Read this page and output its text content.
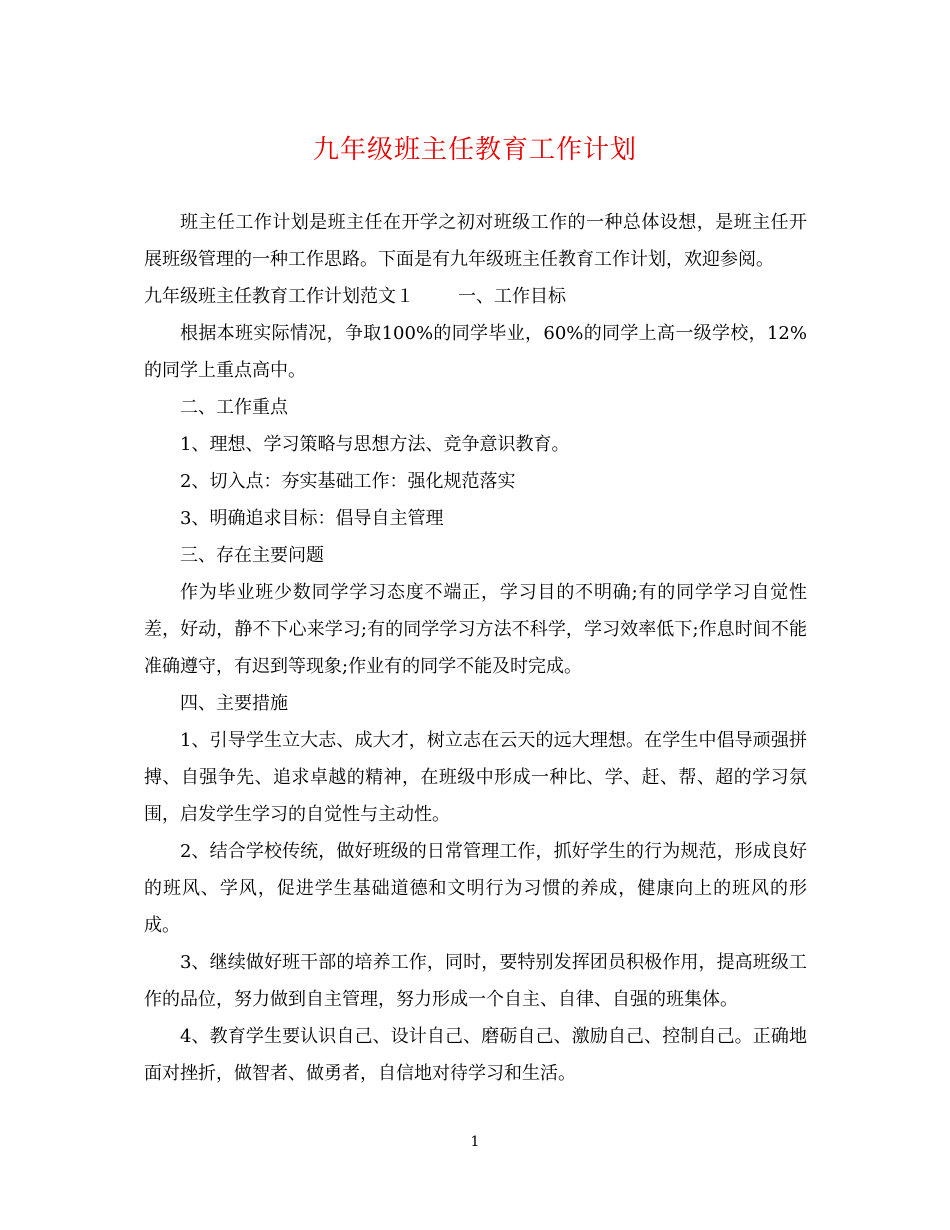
九年级班主任教育工作计划

班主任工作计划是班主任在开学之初对班级工作的一种总体设想，是班主任开展班级管理的一种工作思路。下面是有九年级班主任教育工作计划，欢迎参阅。

九年级班主任教育工作计划范文１ 一、工作目标

根据本班实际情况，争取100%的同学毕业，60%的同学上高一级学校，12%的同学上重点高中。

二、工作重点

1、理想、学习策略与思想方法、竞争意识教育。

2、切入点：夯实基础工作：强化规范落实

3、明确追求目标：倡导自主管理

三、存在主要问题

作为毕业班少数同学学习态度不端正，学习目的不明确;有的同学学习自觉性差，好动，静不下心来学习;有的同学学习方法不科学，学习效率低下;作息时间不能准确遵守，有迟到等现象;作业有的同学不能及时完成。

四、主要措施

1、引导学生立大志、成大才，树立志在云天的远大理想。在学生中倡导顽强拼搏、自强争先、追求卓越的精神，在班级中形成一种比、学、赶、帮、超的学习氛围，启发学生学习的自觉性与主动性。

2、结合学校传统，做好班级的日常管理工作，抓好学生的行为规范，形成良好的班风、学风，促进学生基础道德和文明行为习惯的养成，健康向上的班风的形成。

3、继续做好班干部的培养工作，同时，要特别发挥团员积极作用，提高班级工作的品位，努力做到自主管理，努力形成一个自主、自律、自强的班集体。

4、教育学生要认识自己、设计自己、磨砺自己、激励自己、控制自己。正确地面对挫折，做智者、做勇者，自信地对待学习和生活。

1
